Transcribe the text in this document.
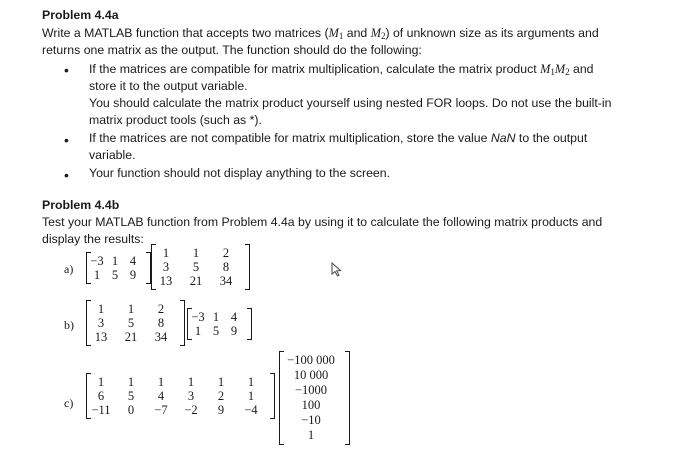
Problem 4.4a
Write a MATLAB function that accepts two matrices ($M_1$ and $M_2$) of unknown size as its arguments and
returns one matrix as the output. The function should do the following:
• If the matrices are compatible for matrix multiplication, calculate the matrix product $M_1M_2$ and
store it to the output variable.
You should calculate the matrix product yourself using nested FOR loops. Do not use the built-in
matrix product tools (such as *).
• If the matrices are not compatible for matrix multiplication, store the value NaN to the output
variable.
• Your function should not display anything to the screen.
Problem 4.4b
Test your MATLAB function from Problem 4.4a by using it to calculate the following matrix products and
display the results:
a)
−3 1 4
1 5 9
1	1	2
3	5	8
13	21	34
b)
1	1	2
3	5	8
13	21	34
−3 1 4
1 5 9
c)
1	1	1	1	1	1
6	5	4	3	2	1
−11	0	−7	−2	9	−4
−100 000
10 000
−1000
100
−10
1
